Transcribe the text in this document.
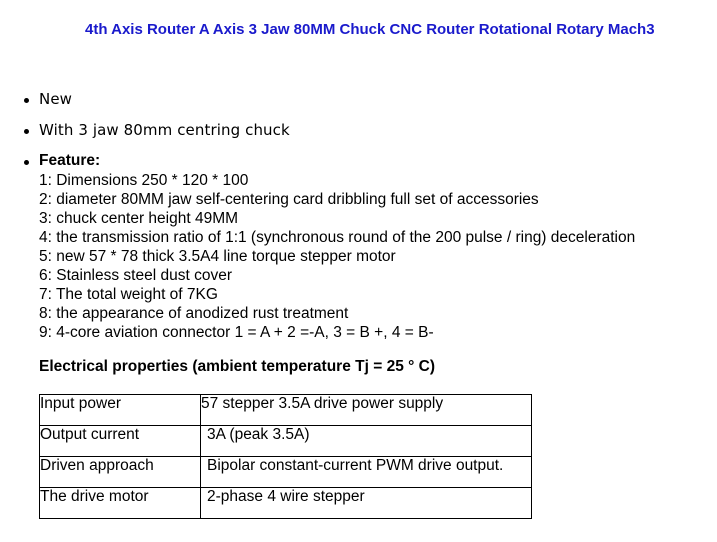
4th Axis Router A Axis 3 Jaw 80MM Chuck CNC Router Rotational Rotary Mach3
New
With 3 jaw 80mm centring chuck
Feature:
1: Dimensions 250 * 120 * 100
2: diameter 80MM jaw self-centering card dribbling full set of accessories
3: chuck center height 49MM
4: the transmission ratio of 1:1 (synchronous round of the 200 pulse / ring) deceleration
5: new 57 * 78 thick 3.5A4 line torque stepper motor
6: Stainless steel dust cover
7: The total weight of 7KG
8: the appearance of anodized rust treatment
9: 4-core aviation connector 1 = A + 2 =-A, 3 = B +, 4 = B-
Electrical properties (ambient temperature Tj = 25 ° C)
Input power	57 stepper 3.5A drive power supply
Output current	3A (peak 3.5A)
Driven approach	Bipolar constant-current PWM drive output.
The drive motor	2-phase 4 wire stepper
